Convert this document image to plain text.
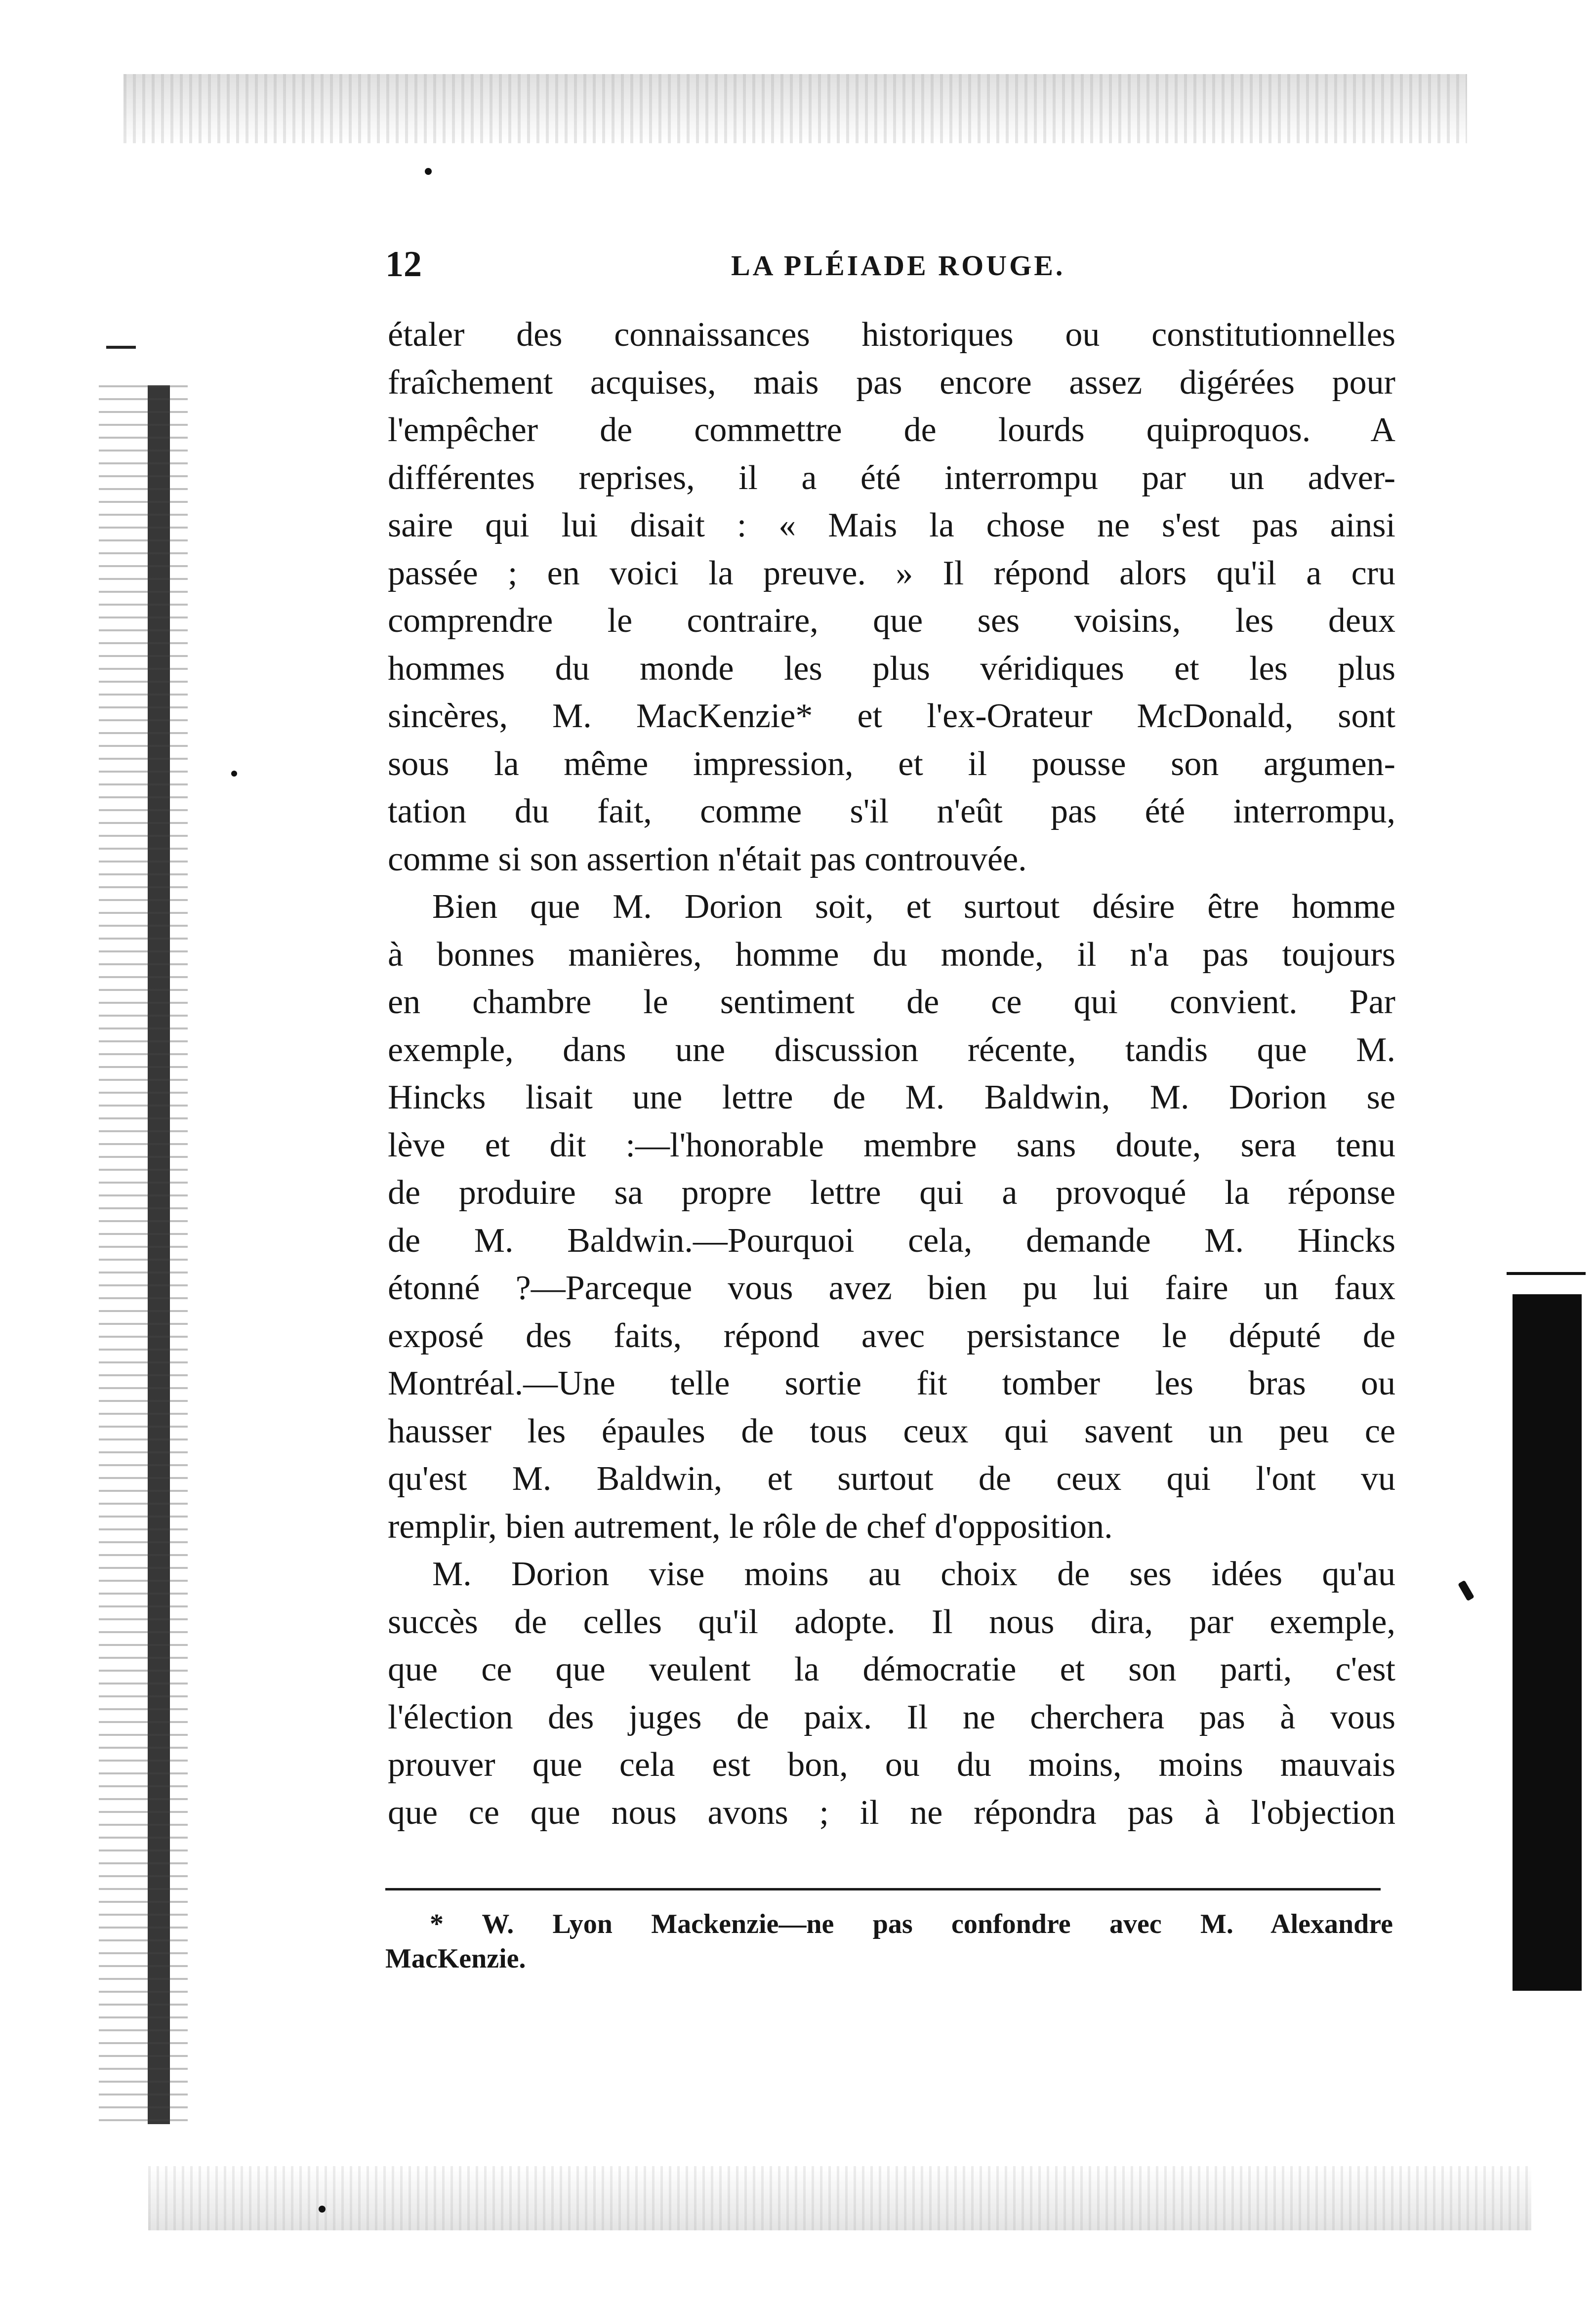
12	LA PLÉIADE ROUGE.
étaler des connaissances historiques ou constitutionnelles
fraîchement acquises, mais pas encore assez digérées pour
l'empêcher de commettre de lourds quiproquos. A
différentes reprises, il a été interrompu par un adver-
saire qui lui disait : « Mais la chose ne s'est pas ainsi
passée ; en voici la preuve. » Il répond alors qu'il a cru
comprendre le contraire, que ses voisins, les deux
hommes du monde les plus véridiques et les plus
sincères, M. MacKenzie* et l'ex-Orateur McDonald, sont
sous la même impression, et il pousse son argumen-
tation du fait, comme s'il n'eût pas été interrompu,
comme si son assertion n'était pas controuvée.
Bien que M. Dorion soit, et surtout désire être homme
à bonnes manières, homme du monde, il n'a pas toujours
en chambre le sentiment de ce qui convient. Par
exemple, dans une discussion récente, tandis que M.
Hincks lisait une lettre de M. Baldwin, M. Dorion se
lève et dit :—l'honorable membre sans doute, sera tenu
de produire sa propre lettre qui a provoqué la réponse
de M. Baldwin.—Pourquoi cela, demande M. Hincks
étonné ?—Parceque vous avez bien pu lui faire un faux
exposé des faits, répond avec persistance le député de
Montréal.—Une telle sortie fit tomber les bras ou
hausser les épaules de tous ceux qui savent un peu ce
qu'est M. Baldwin, et surtout de ceux qui l'ont vu
remplir, bien autrement, le rôle de chef d'opposition.
M. Dorion vise moins au choix de ses idées qu'au
succès de celles qu'il adopte. Il nous dira, par exemple,
que ce que veulent la démocratie et son parti, c'est
l'élection des juges de paix. Il ne cherchera pas à vous
prouver que cela est bon, ou du moins, moins mauvais
que ce que nous avons ; il ne répondra pas à l'objection
* W. Lyon Mackenzie—ne pas confondre avec M. Alexandre
MacKenzie.
